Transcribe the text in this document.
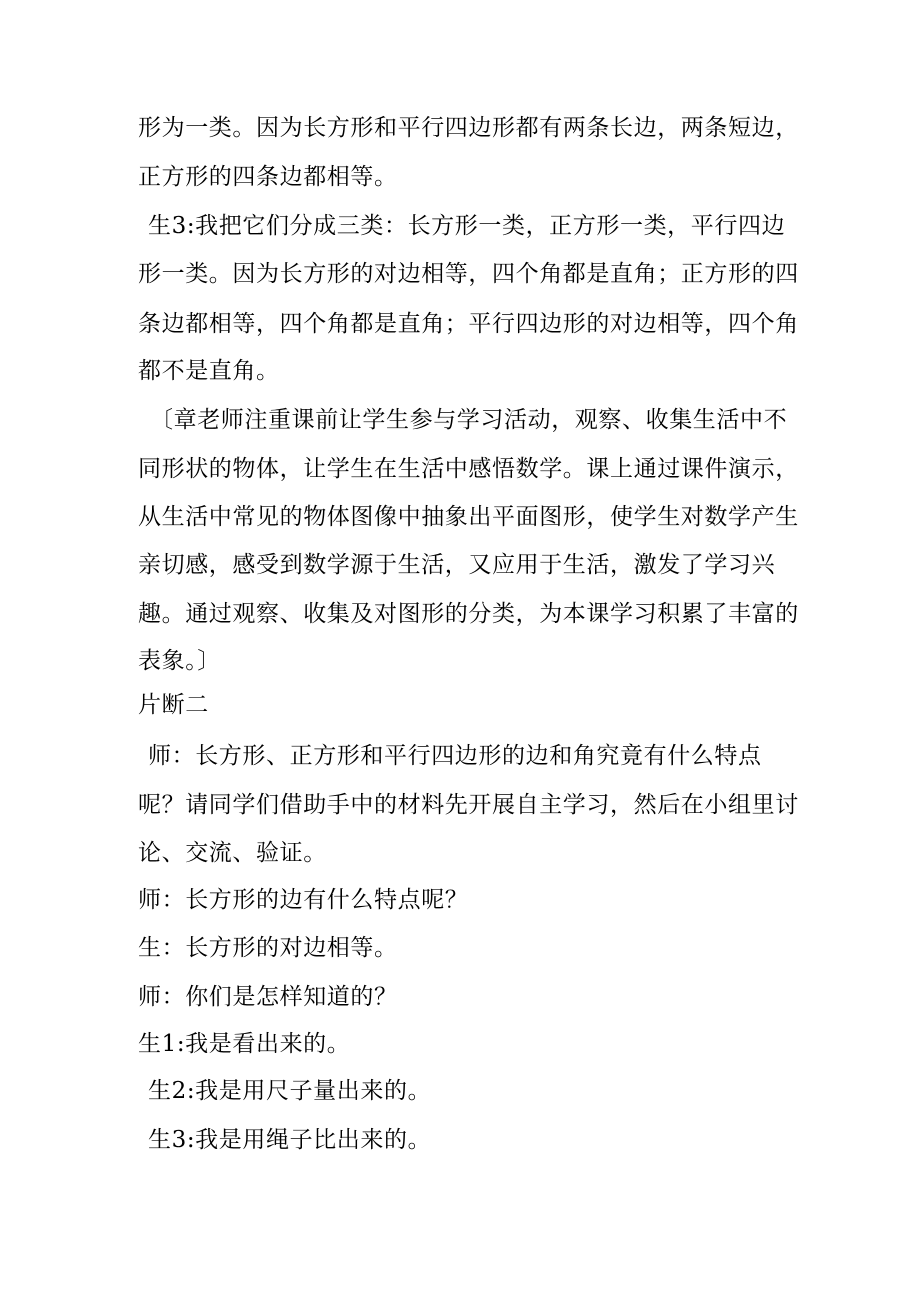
形为一类。因为长方形和平行四边形都有两条长边，两条短边，
正方形的四条边都相等。
生3:我把它们分成三类：长方形一类，正方形一类，平行四边
形一类。因为长方形的对边相等，四个角都是直角；正方形的四
条边都相等，四个角都是直角；平行四边形的对边相等，四个角
都不是直角。
〔章老师注重课前让学生参与学习活动，观察、收集生活中不
同形状的物体，让学生在生活中感悟数学。课上通过课件演示，
从生活中常见的物体图像中抽象出平面图形，使学生对数学产生
亲切感，感受到数学源于生活，又应用于生活，激发了学习兴
趣。通过观察、收集及对图形的分类，为本课学习积累了丰富的
表象。〕
片断二
师：长方形、正方形和平行四边形的边和角究竟有什么特点
呢？请同学们借助手中的材料先开展自主学习，然后在小组里讨
论、交流、验证。
师：长方形的边有什么特点呢？
生：长方形的对边相等。
师：你们是怎样知道的？
生1:我是看出来的。
生2:我是用尺子量出来的。
生3:我是用绳子比出来的。
